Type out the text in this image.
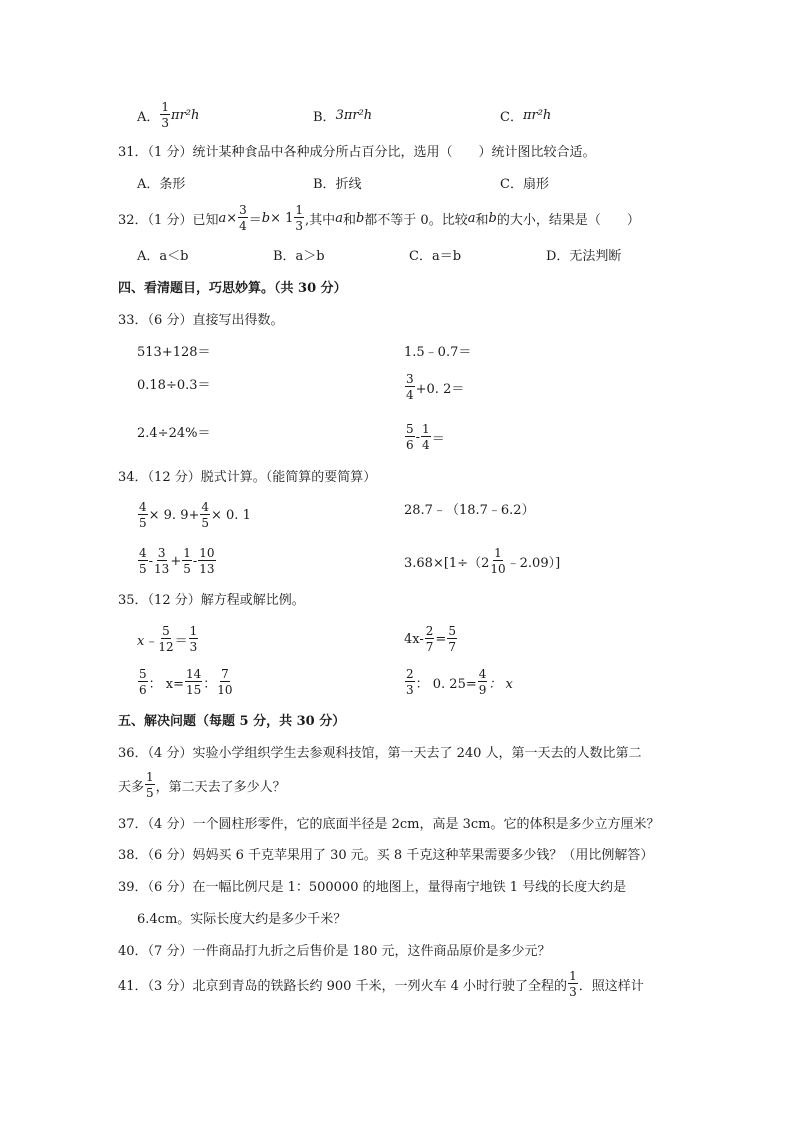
A． $\frac{1}{3} \pi r^2h$	B． 3πr²h	C． πr²h
31．（1 分）统计某种食品中各种成分所占百分比，选用（　　）统计图比较合适。
A．条形	B．折线	C．扇形
32．（1 分）已知 $a \times \frac{3}{4} = b \times 1 \frac{1}{3}$ ,其中 a 和 b 都不等于 0。比较 a 和 b 的大小，结果是（　　）
A．a＜b	B．a＞b	C．a＝b	D．无法判断
四、看清题目，巧思妙算。（共 30 分）
33．（6 分）直接写出得数。
513+128＝	1.5﹣0.7＝
0.18÷0.3＝	$\frac{3}{4} +0$. 2＝
2.4÷24%＝	$\frac{5}{6} - \frac{1}{4}$ ＝
34．（12 分）脱式计算。（能简算的要简算）
$\frac{4}{5} \times 9$. $9+ \frac{4}{5} \times 0$. 1	28.7﹣（18.7﹣6.2）
$\frac{4}{5} - \frac{3}{13} + \frac{1}{5} - \frac{10}{13}$	$3.68\times[1\div(2 \frac{1}{10}$ ﹣2.09）]
35．（12 分）解方程或解比例。
x﹣ $\frac{5}{12} = \frac{1}{3}$	$4x- \frac{2}{7} = \frac{5}{7}$
$\frac{5}{6}$ ： $x= \frac{14}{15}$ ： $\frac{7}{10}$	$\frac{2}{3}$ ： 0. $25= \frac{4}{9}$ ： x
五、解决问题（每题 5 分，共 30 分）
36．（4 分）实验小学组织学生去参观科技馆，第一天去了 240 人，第一天去的人数比第二
天多 $\frac{1}{5}$ ，第二天去了多少人？
37．（4 分）一个圆柱形零件，它的底面半径是 2cm，高是 3cm。它的体积是多少立方厘米？
38．（6 分）妈妈买 6 千克苹果用了 30 元。买 8 千克这种苹果需要多少钱？（用比例解答）
39．（6 分）在一幅比例尺是 1：500000 的地图上，量得南宁地铁 1 号线的长度大约是
6.4cm。实际长度大约是多少千米？
40．（7 分）一件商品打九折之后售价是 180 元，这件商品原价是多少元？
41．（3 分）北京到青岛的铁路长约 900 千米，一列火车 4 小时行驶了全程的 $\frac{1}{3}$ ．照这样计
